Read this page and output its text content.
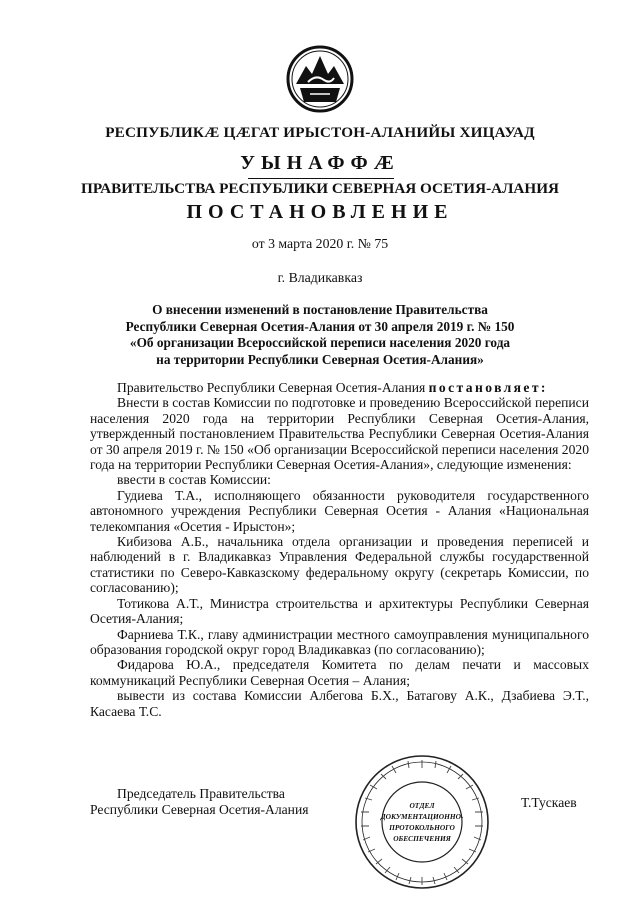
РЕСПУБЛИКӔ ЦӔГАТ ИРЫСТОН-АЛАНИЙЫ ХИЦАУАД
УЫНАФФӔ
ПРАВИТЕЛЬСТВА РЕСПУБЛИКИ СЕВЕРНАЯ ОСЕТИЯ-АЛАНИЯ
ПОСТАНОВЛЕНИЕ
от 3 марта 2020 г. № 75
г. Владикавказ
О внесении изменений в постановление Правительства
Республики Северная Осетия-Алания от 30 апреля 2019 г. № 150
«Об организации Всероссийской переписи населения 2020 года
на территории Республики Северная Осетия-Алания»

Правительство Республики Северная Осетия-Алания постановляет:

Внести в состав Комиссии по подготовке и проведению Всероссийской переписи населения 2020 года на территории Республики Северная Осетия-Алания, утвержденный постановлением Правительства Республики Северная Осетия-Алания от 30 апреля 2019 г. № 150 «Об организации Всероссийской переписи населения 2020 года на территории Республики Северная Осетия-Алания», следующие изменения:

ввести в состав Комиссии:

Гудиева Т.А., исполняющего обязанности руководителя государственного автономного учреждения Республики Северная Осетия - Алания «Национальная телекомпания «Осетия - Ирыстон»;

Кибизова А.Б., начальника отдела организации и проведения переписей и наблюдений в г. Владикавказ Управления Федеральной службы государственной статистики по Северо-Кавказскому федеральному округу (секретарь Комиссии, по согласованию);

Тотикова А.Т., Министра строительства и архитектуры Республики Северная Осетия-Алания;

Фарниева Т.К., главу администрации местного самоуправления муниципального образования городской округ город Владикавказ (по согласованию);

Фидарова Ю.А., председателя Комитета по делам печати и массовых коммуникаций Республики Северная Осетия – Алания;

вывести из состава Комиссии Албегова Б.Х., Батагову А.К., Дзабиева Э.Т., Касаева Т.С.

ОТДЕЛ
ДОКУМЕНТАЦИОННО-
ПРОТОКОЛЬНОГО
ОБЕСПЕЧЕНИЯ
Председатель Правительства
Республики Северная Осетия-Алания	Т.Тускаев
